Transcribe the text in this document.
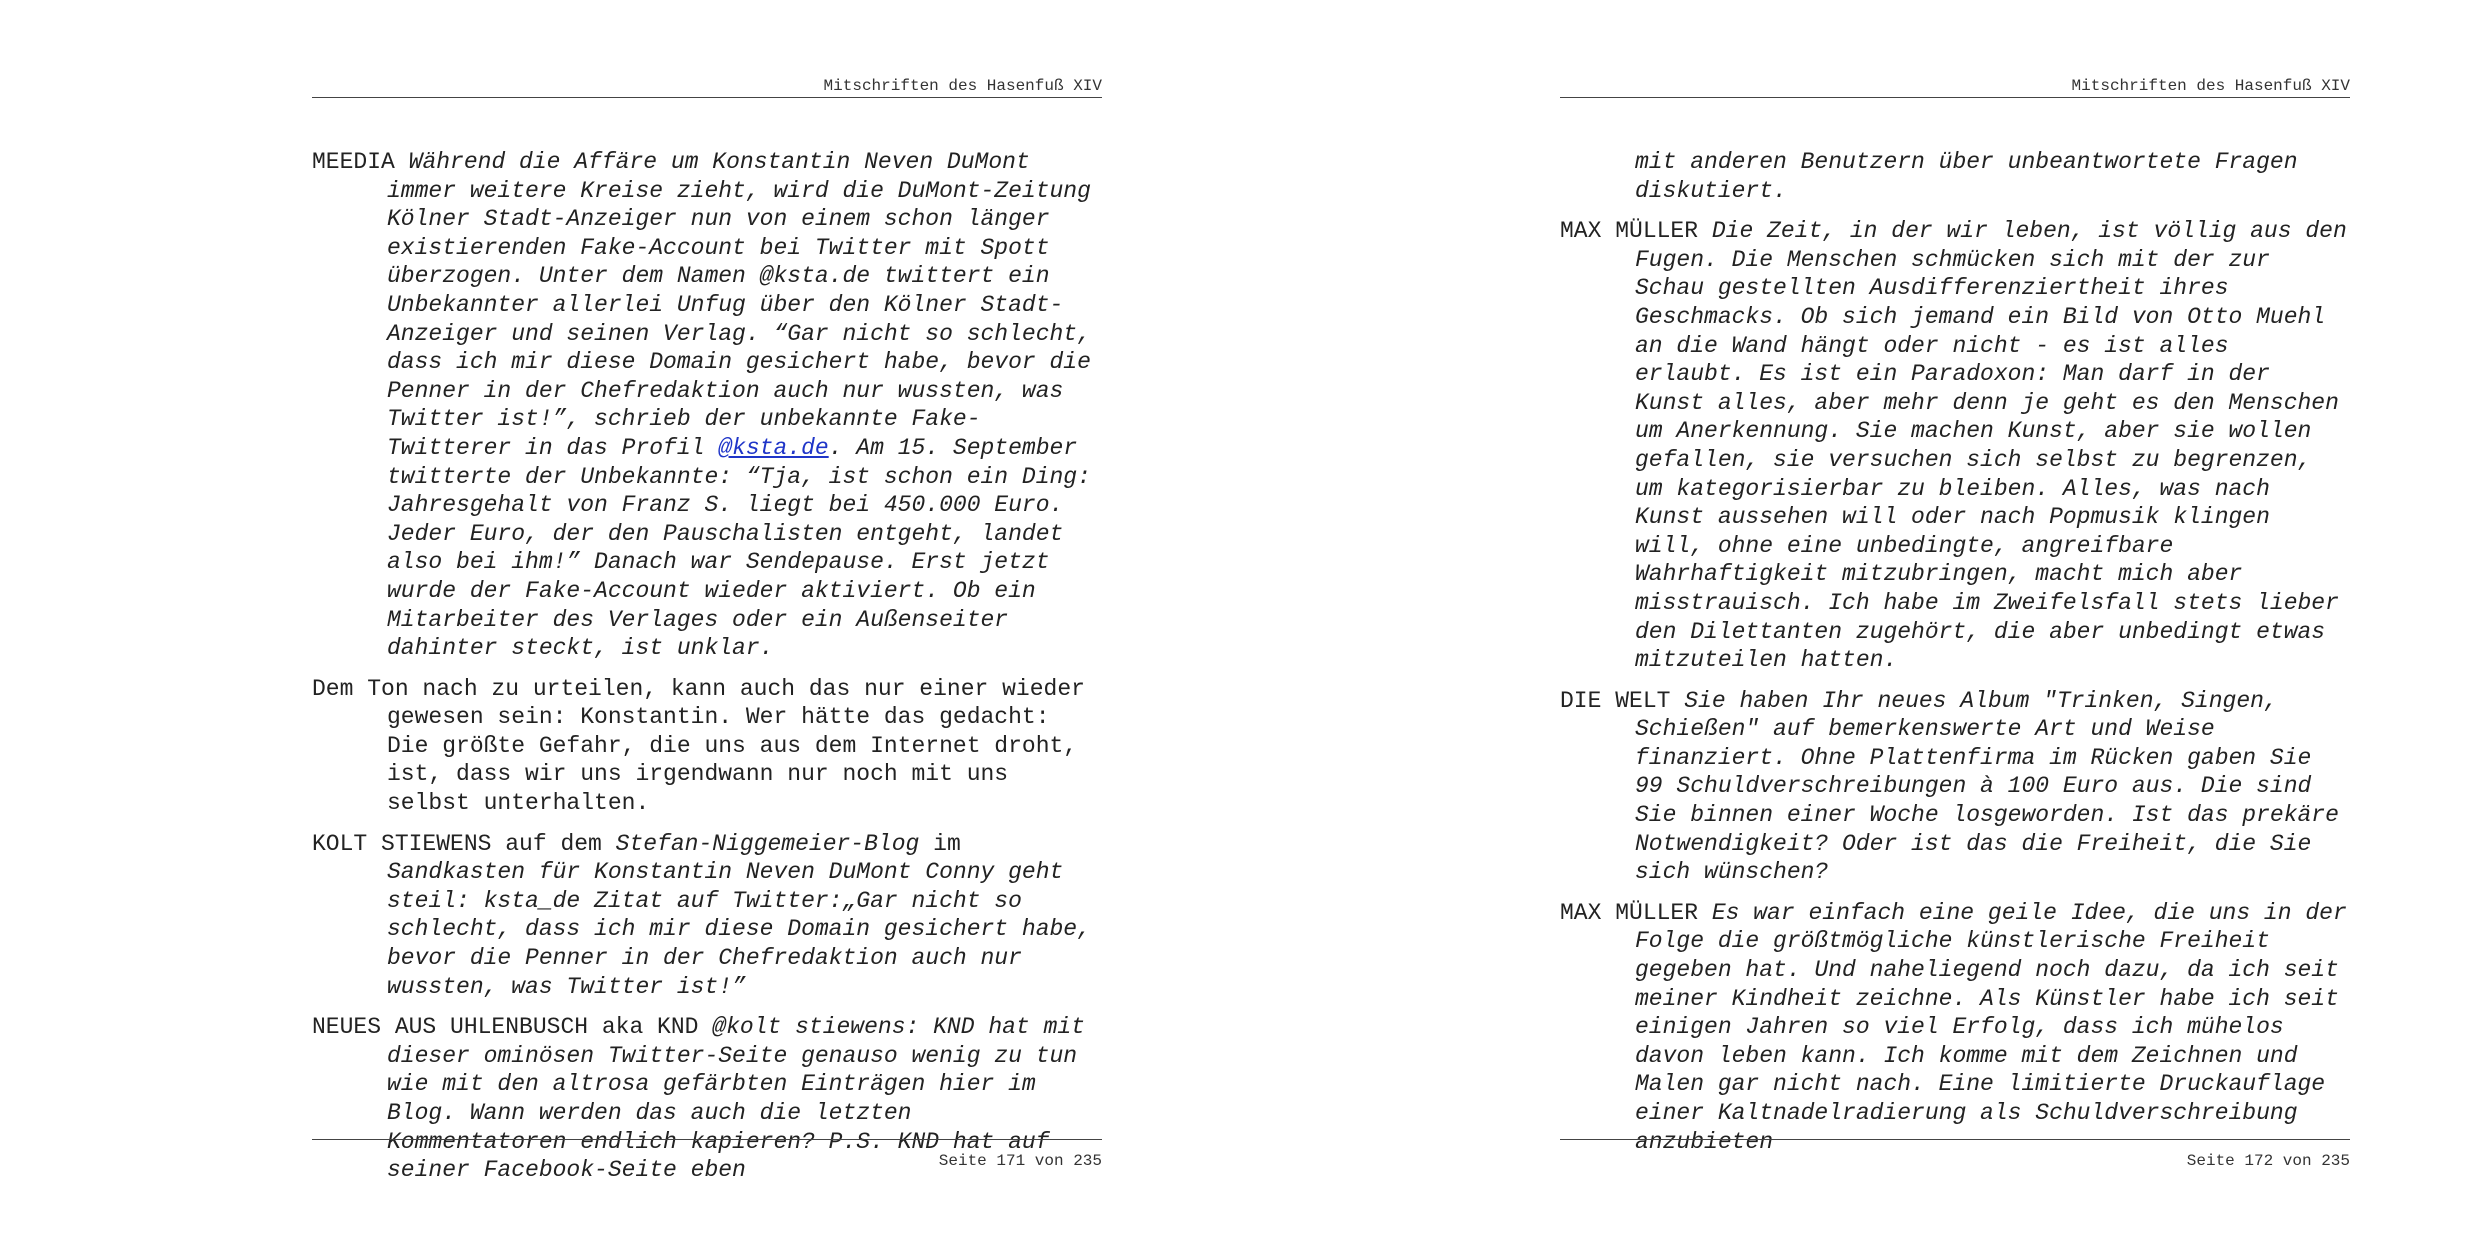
Mitschriften des Hasenfuß XIV

MEEDIA Während die Affäre um Konstantin Neven DuMont immer weitere Kreise zieht, wird die DuMont-Zeitung Kölner Stadt-Anzeiger nun von einem schon länger existierenden Fake-Account bei Twitter mit Spott überzogen. Unter dem Namen @ksta.de twittert ein Unbekannter allerlei Unfug über den Kölner Stadt-Anzeiger und seinen Verlag. “Gar nicht so schlecht, dass ich mir diese Domain gesichert habe, bevor die Penner in der Chefredaktion auch nur wussten, was Twitter ist!”, schrieb der unbekannte Fake-Twitterer in das Profil @ksta.de. Am 15. September twitterte der Unbekannte: “Tja, ist schon ein Ding: Jahresgehalt von Franz S. liegt bei 450.000 Euro. Jeder Euro, der den Pauschalisten entgeht, landet also bei ihm!” Danach war Sendepause. Erst jetzt wurde der Fake-Account wieder aktiviert. Ob ein Mitarbeiter des Verlages oder ein Außenseiter dahinter steckt, ist unklar.

Dem Ton nach zu urteilen, kann auch das nur einer wieder gewesen sein: Konstantin. Wer hätte das gedacht: Die größte Gefahr, die uns aus dem Internet droht, ist, dass wir uns irgendwann nur noch mit uns selbst unterhalten.

KOLT STIEWENS auf dem Stefan-Niggemeier-Blog im Sandkasten für Konstantin Neven DuMont Conny geht steil: ksta_de Zitat auf Twitter:„Gar nicht so schlecht, dass ich mir diese Domain gesichert habe, bevor die Penner in der Chefredaktion auch nur wussten, was Twitter ist!”

NEUES AUS UHLENBUSCH aka KND @kolt stiewens: KND hat mit dieser ominösen Twitter-Seite genauso wenig zu tun wie mit den altrosa gefärbten Einträgen hier im Blog. Wann werden das auch die letzten Kommentatoren endlich kapieren? P.S. KND hat auf seiner Facebook-Seite eben	Seite 171 von 235
Mitschriften des Hasenfuß XIV

mit anderen Benutzern über unbeantwortete Fragen diskutiert.

MAX MÜLLER Die Zeit, in der wir leben, ist völlig aus den Fugen. Die Menschen schmücken sich mit der zur Schau gestellten Ausdifferenziertheit ihres Geschmacks. Ob sich jemand ein Bild von Otto Muehl an die Wand hängt oder nicht - es ist alles erlaubt. Es ist ein Paradoxon: Man darf in der Kunst alles, aber mehr denn je geht es den Menschen um Anerkennung. Sie machen Kunst, aber sie wollen gefallen, sie versuchen sich selbst zu begrenzen, um kategorisierbar zu bleiben. Alles, was nach Kunst aussehen will oder nach Popmusik klingen will, ohne eine unbedingte, angreifbare Wahrhaftigkeit mitzubringen, macht mich aber misstrauisch. Ich habe im Zweifelsfall stets lieber den Dilettanten zugehört, die aber unbedingt etwas mitzuteilen hatten.

DIE WELT Sie haben Ihr neues Album "Trinken, Singen, Schießen" auf bemerkenswerte Art und Weise finanziert. Ohne Plattenfirma im Rücken gaben Sie 99 Schuldverschreibungen à 100 Euro aus. Die sind Sie binnen einer Woche losgeworden. Ist das prekäre Notwendigkeit? Oder ist das die Freiheit, die Sie sich wünschen?

MAX MÜLLER Es war einfach eine geile Idee, die uns in der Folge die größtmögliche künstlerische Freiheit gegeben hat. Und naheliegend noch dazu, da ich seit meiner Kindheit zeichne. Als Künstler habe ich seit einigen Jahren so viel Erfolg, dass ich mühelos davon leben kann. Ich komme mit dem Zeichnen und Malen gar nicht nach. Eine limitierte Druckauflage einer Kaltnadelradierung als Schuldverschreibung anzubieten

Seite 172 von 235
